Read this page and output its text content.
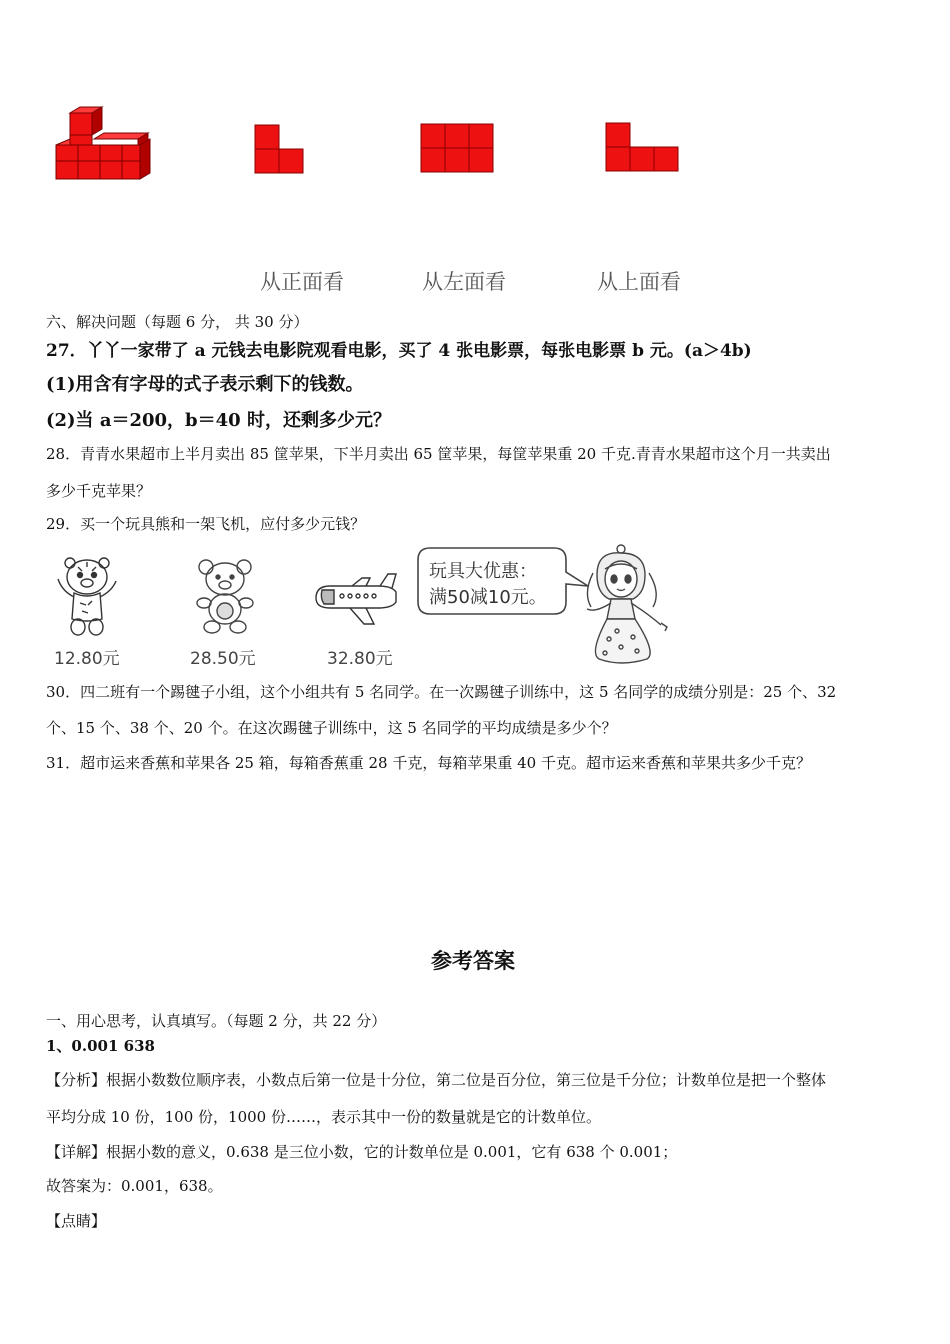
从正面看	从左面看	从上面看
六、解决问题（每题 6 分， 共 30 分）
27．丫丫一家带了 a 元钱去电影院观看电影，买了 4 张电影票，每张电影票 b 元。(a＞4b)
(1)用含有字母的式子表示剩下的钱数。
(2)当 a＝200，b＝40 时，还剩多少元？
28．青青水果超市上半月卖出 85 筐苹果，下半月卖出 65 筐苹果，每筐苹果重 20 千克.青青水果超市这个月一共卖出
多少千克苹果？
29．买一个玩具熊和一架飞机，应付多少元钱？
12.80元	28.50元	32.80元
玩具大优惠：
满50减10元。
30．四二班有一个踢毽子小组，这个小组共有 5 名同学。在一次踢毽子训练中，这 5 名同学的成绩分别是：25 个、32
个、15 个、38 个、20 个。在这次踢毽子训练中，这 5 名同学的平均成绩是多少个？
31．超市运来香蕉和苹果各 25 箱，每箱香蕉重 28 千克，每箱苹果重 40 千克。超市运来香蕉和苹果共多少千克？
参考答案
一、用心思考，认真填写。（每题 2 分，共 22 分）
1、0.001 638
【分析】根据小数数位顺序表，小数点后第一位是十分位，第二位是百分位，第三位是千分位；计数单位是把一个整体
平均分成 10 份，100 份，1000 份……，表示其中一份的数量就是它的计数单位。
【详解】根据小数的意义，0.638 是三位小数，它的计数单位是 0.001，它有 638 个 0.001；
故答案为：0.001，638。
【点睛】
